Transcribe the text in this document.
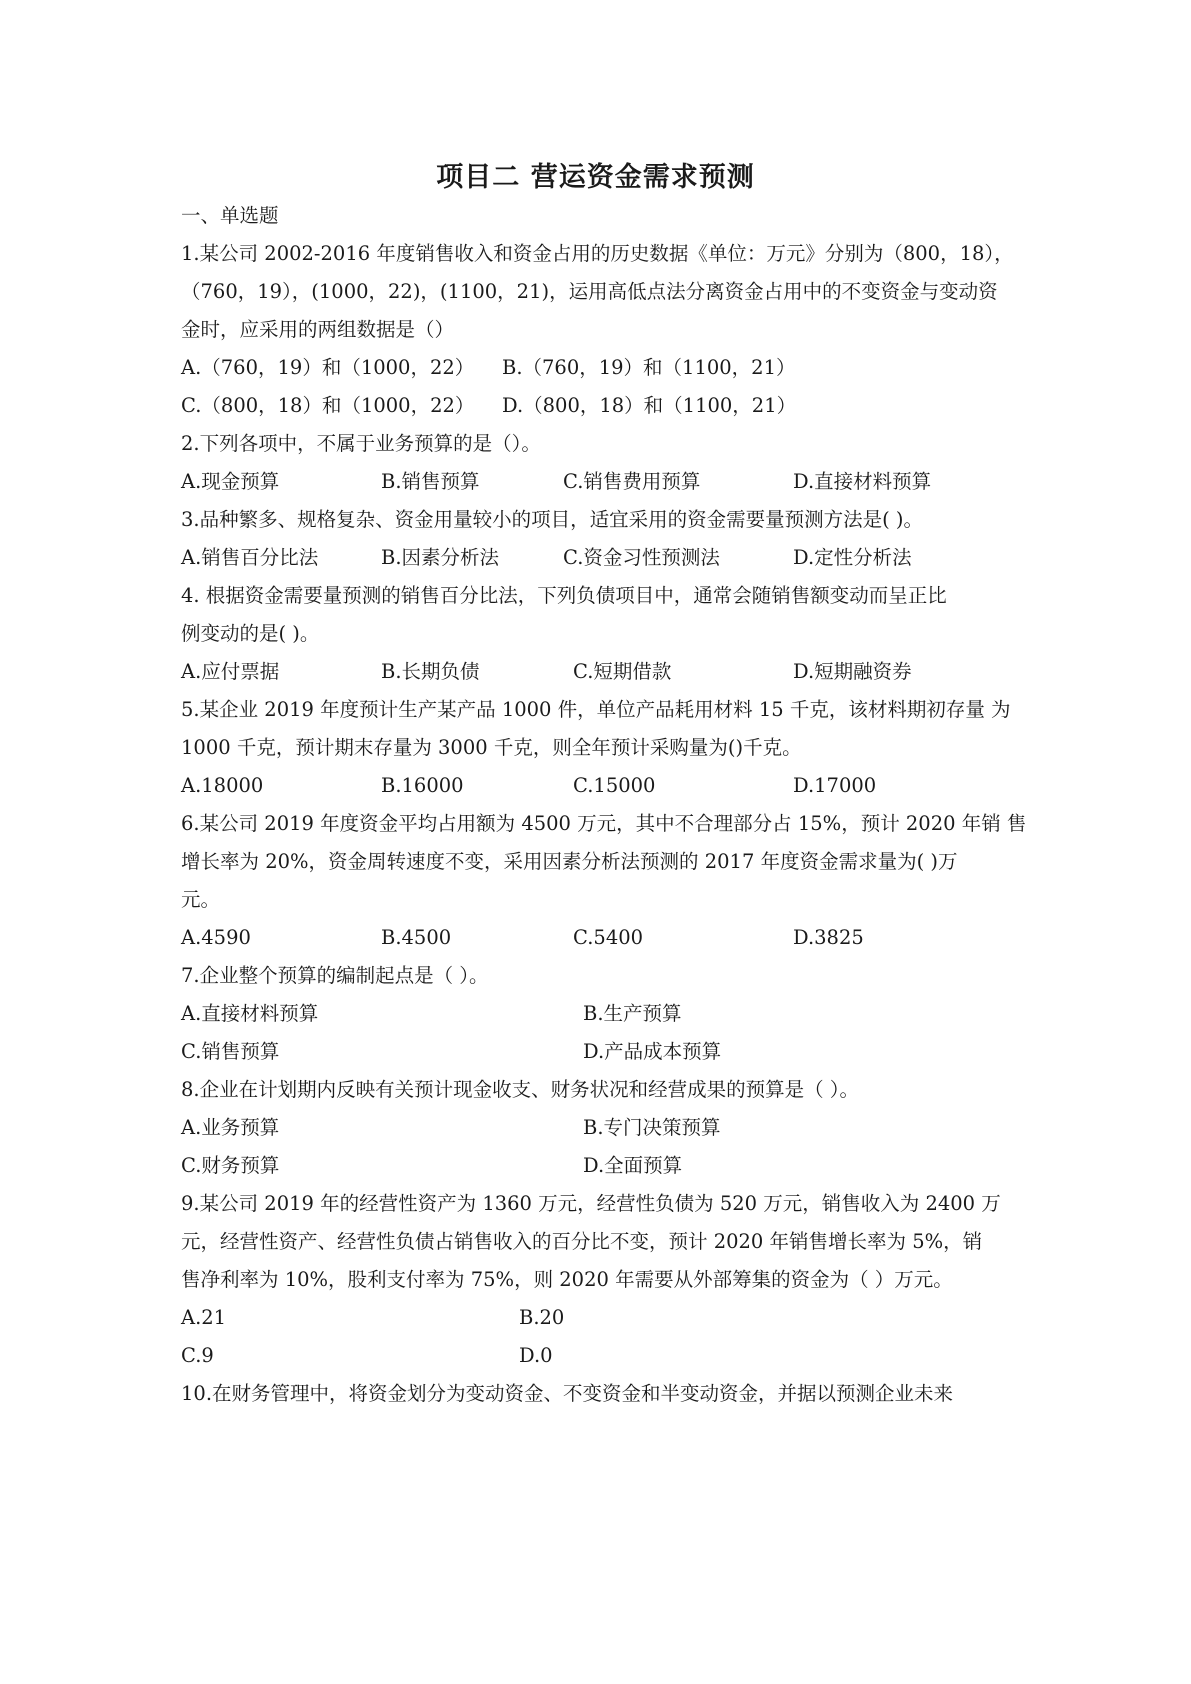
项目二 营运资金需求预测
一、单选题
1.某公司 2002-2016 年度销售收入和资金占用的历史数据《单位：万元》分别为（800，18），
（760，19），(1000，22)，(1100，21)，运用高低点法分离资金占用中的不变资金与变动资
金时，应采用的两组数据是（）
A.（760，19）和（1000，22） B.（760，19）和（1100，21）
C.（800，18）和（1000，22） D.（800，18）和（1100，21）
2.下列各项中，不属于业务预算的是（）。
A.现金预算	B.销售预算	C.销售费用预算	D.直接材料预算
3.品种繁多、规格复杂、资金用量较小的项目，适宜采用的资金需要量预测方法是( )。
A.销售百分比法	B.因素分析法	C.资金习性预测法	D.定性分析法
4. 根据资金需要量预测的销售百分比法，下列负债项目中，通常会随销售额变动而呈正比
例变动的是( )。
A.应付票据	B.长期负债	C.短期借款	D.短期融资券
5.某企业 2019 年度预计生产某产品 1000 件，单位产品耗用材料 15 千克，该材料期初存量 为
1000 千克，预计期末存量为 3000 千克，则全年预计采购量为()千克。
A.18000	B.16000	C.15000	D.17000
6.某公司 2019 年度资金平均占用额为 4500 万元，其中不合理部分占 15%，预计 2020 年销 售
增长率为 20%，资金周转速度不变，采用因素分析法预测的 2017 年度资金需求量为( )万
元。
A.4590	B.4500	C.5400	D.3825
7.企业整个预算的编制起点是（ ）。
A.直接材料预算	B.生产预算
C.销售预算	D.产品成本预算
8.企业在计划期内反映有关预计现金收支、财务状况和经营成果的预算是（ ）。
A.业务预算	B.专门决策预算
C.财务预算	D.全面预算
9.某公司 2019 年的经营性资产为 1360 万元，经营性负债为 520 万元，销售收入为 2400 万
元，经营性资产、经营性负债占销售收入的百分比不变，预计 2020 年销售增长率为 5%，销
售净利率为 10%，股利支付率为 75%，则 2020 年需要从外部筹集的资金为（ ）万元。
A.21	B.20
C.9	D.0
10.在财务管理中，将资金划分为变动资金、不变资金和半变动资金，并据以预测企业未来
